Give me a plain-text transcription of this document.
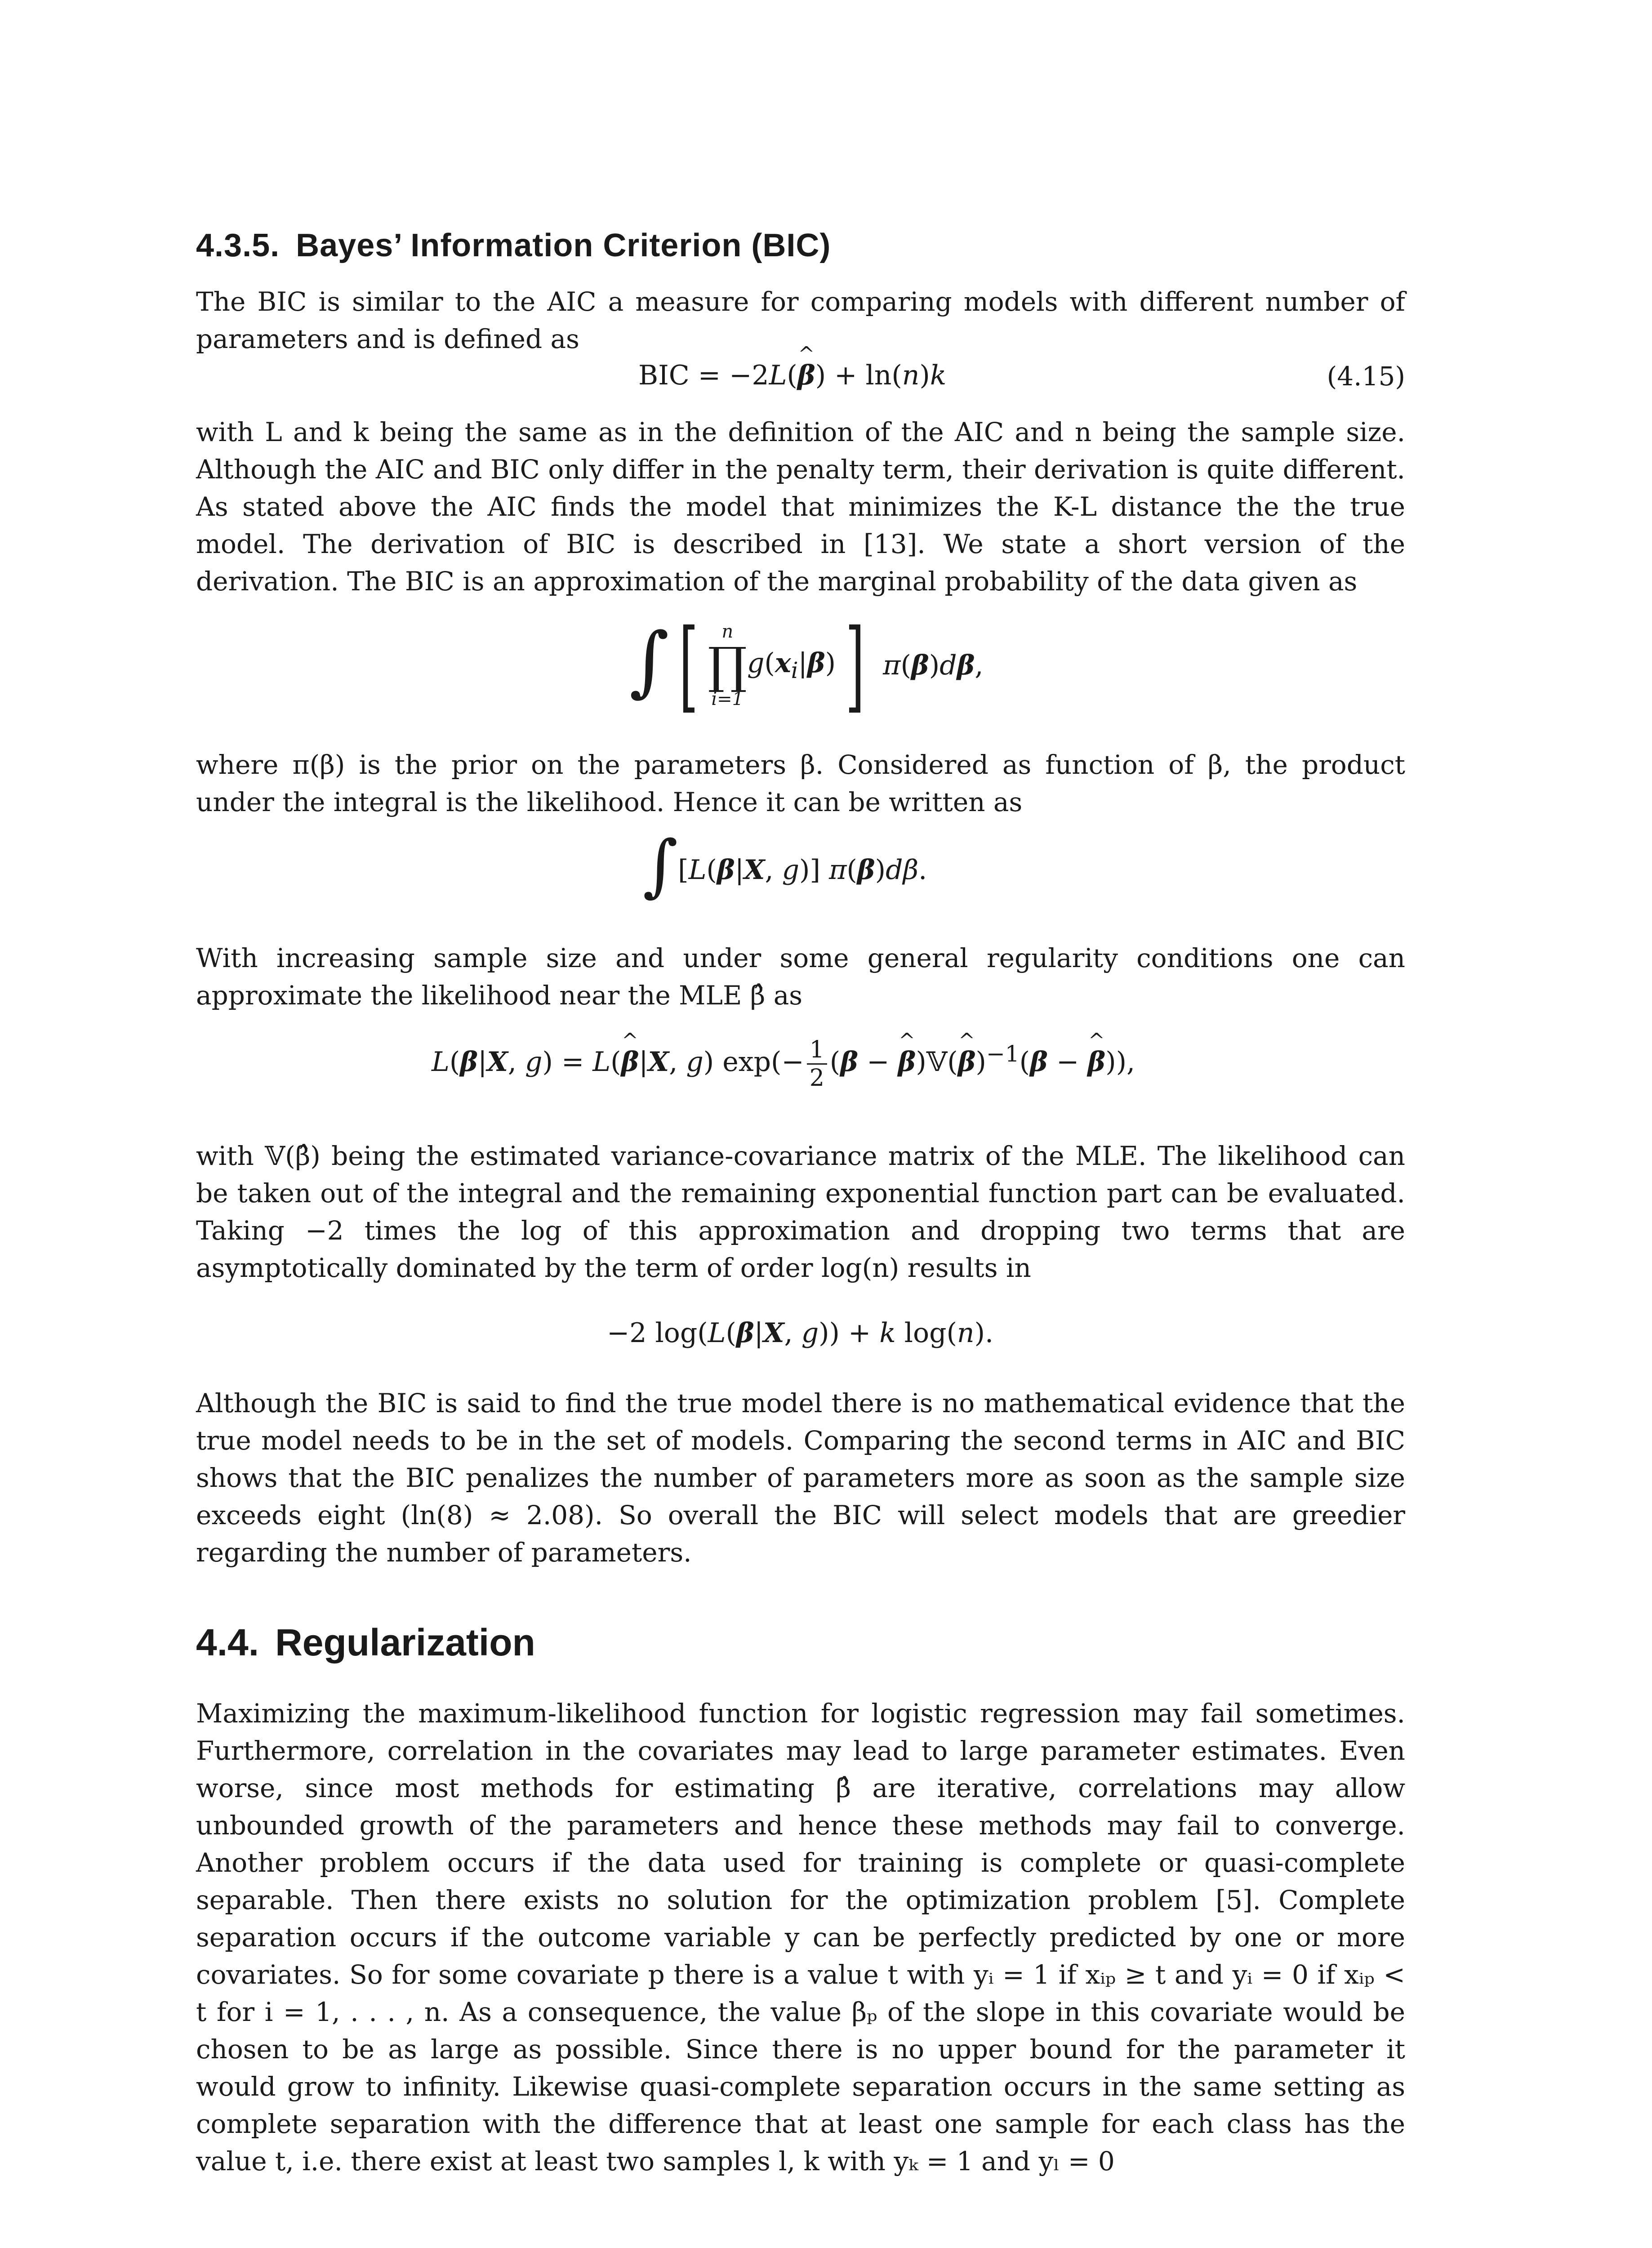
4.3.5. Bayes’ Information Criterion (BIC)

The BIC is similar to the AIC a measure for comparing models with different number of parameters and is defined as

BIC = −2L(^ β) + ln(n)k	(4.15)

with L and k being the same as in the definition of the AIC and n being the sample size. Although the AIC and BIC only differ in the penalty term, their derivation is quite different. As stated above the AIC finds the model that minimizes the K-L distance the the true model. The derivation of BIC is described in [13]. We state a short version of the derivation. The BIC is an approximation of the marginal probability of the data given as

∫[	n
∏
i=1
$g(x_i|\beta)$] π(β)dβ,

where π(β) is the prior on the parameters β. Considered as function of β, the product under the integral is the likelihood. Hence it can be written as

∫[L(β|X, g)] π(β)dβ.

With increasing sample size and under some general regularity conditions one can approximate the likelihood near the MLE β̂ as

L(β|X, g) = L(^ β|X, g) $\exp(- \frac{1}{2} (\beta$ − ^ β)𝕍(^ β)$^{-1}$(β − ^ β)),

with 𝕍(β̂) being the estimated variance-covariance matrix of the MLE. The likelihood can be taken out of the integral and the remaining exponential function part can be evaluated. Taking −2 times the log of this approximation and dropping two terms that are asymptotically dominated by the term of order log(n) results in

−2 log(L(β|X, g)) + k log(n).

Although the BIC is said to find the true model there is no mathematical evidence that the true model needs to be in the set of models. Comparing the second terms in AIC and BIC shows that the BIC penalizes the number of parameters more as soon as the sample size exceeds eight (ln(8) ≈ 2.08). So overall the BIC will select models that are greedier regarding the number of parameters.

4.4. Regularization

Maximizing the maximum-likelihood function for logistic regression may fail sometimes. Furthermore, correlation in the covariates may lead to large parameter estimates. Even worse, since most methods for estimating β̂ are iterative, correlations may allow unbounded growth of the parameters and hence these methods may fail to converge. Another problem occurs if the data used for training is complete or quasi-complete separable. Then there exists no solution for the optimization problem [5]. Complete separation occurs if the outcome variable y can be perfectly predicted by one or more covariates. So for some covariate p there is a value t with yᵢ = 1 if xᵢₚ ≥ t and yᵢ = 0 if xᵢₚ < t for i = 1, . . . , n. As a consequence, the value βₚ of the slope in this covariate would be chosen to be as large as possible. Since there is no upper bound for the parameter it would grow to infinity. Likewise quasi-complete separation occurs in the same setting as complete separation with the difference that at least one sample for each class has the value t, i.e. there exist at least two samples l, k with yₖ = 1 and yₗ = 0
